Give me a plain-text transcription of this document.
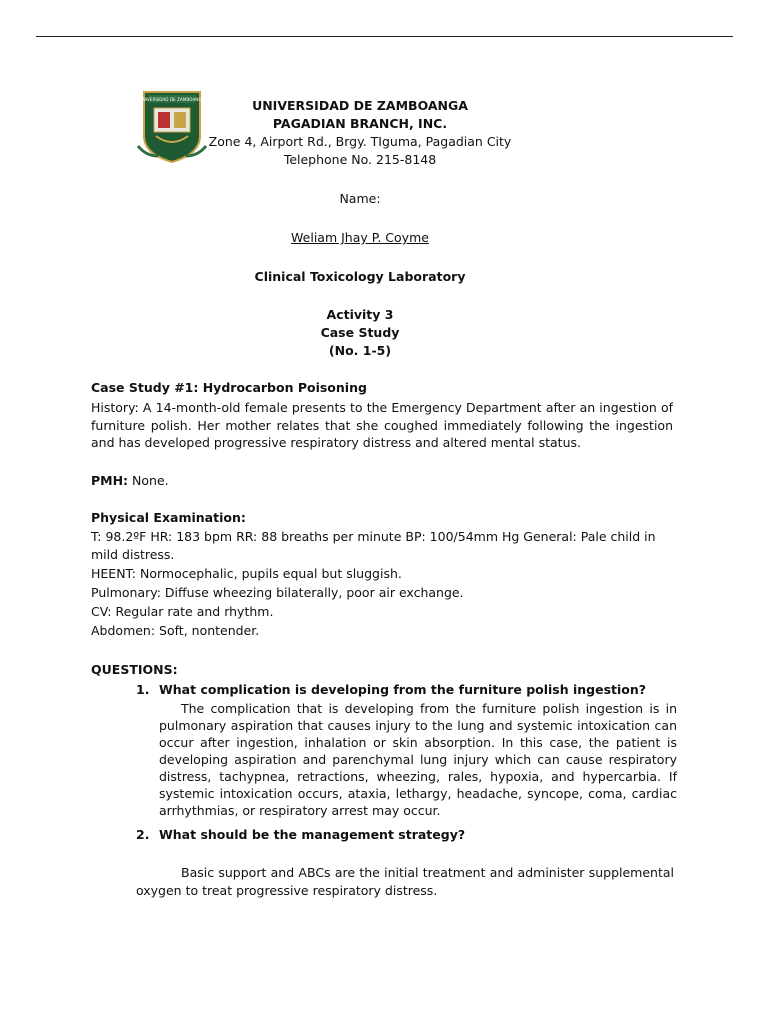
UNIVERSIDAD DE ZAMBOANGA	UNIVERSIDAD DE ZAMBOANGA
PAGADIAN BRANCH, INC.
Zone 4, Airport Rd., Brgy. TIguma, Pagadian City
Telephone No. 215-8148
Name:
Weliam Jhay P. Coyme
Clinical Toxicology Laboratory
Activity 3
Case Study
(No. 1-5)
Case Study #1: Hydrocarbon Poisoning
History: A 14-month-old female presents to the Emergency Department after an ingestion of furniture polish. Her mother relates that she coughed immediately following the ingestion and has developed progressive respiratory distress and altered mental status.
PMH: None.
Physical Examination:
T: 98.2ºF HR: 183 bpm RR: 88 breaths per minute BP: 100/54mm Hg General: Pale child in
mild distress.
HEENT: Normocephalic, pupils equal but sluggish.
Pulmonary: Diffuse wheezing bilaterally, poor air exchange.
CV: Regular rate and rhythm.
Abdomen: Soft, nontender.
QUESTIONS:
1. What complication is developing from the furniture polish ingestion?
The complication that is developing from the furniture polish ingestion is in pulmonary aspiration that causes injury to the lung and systemic intoxication can occur after ingestion, inhalation or skin absorption. In this case, the patient is developing aspiration and parenchymal lung injury which can cause respiratory distress, tachypnea, retractions, wheezing, rales, hypoxia, and hypercarbia. If systemic intoxication occurs, ataxia, lethargy, headache, syncope, coma, cardiac arrhythmias, or respiratory arrest may occur.
2. What should be the management strategy?
Basic support and ABCs are the initial treatment and administer supplemental oxygen to treat progressive respiratory distress.
